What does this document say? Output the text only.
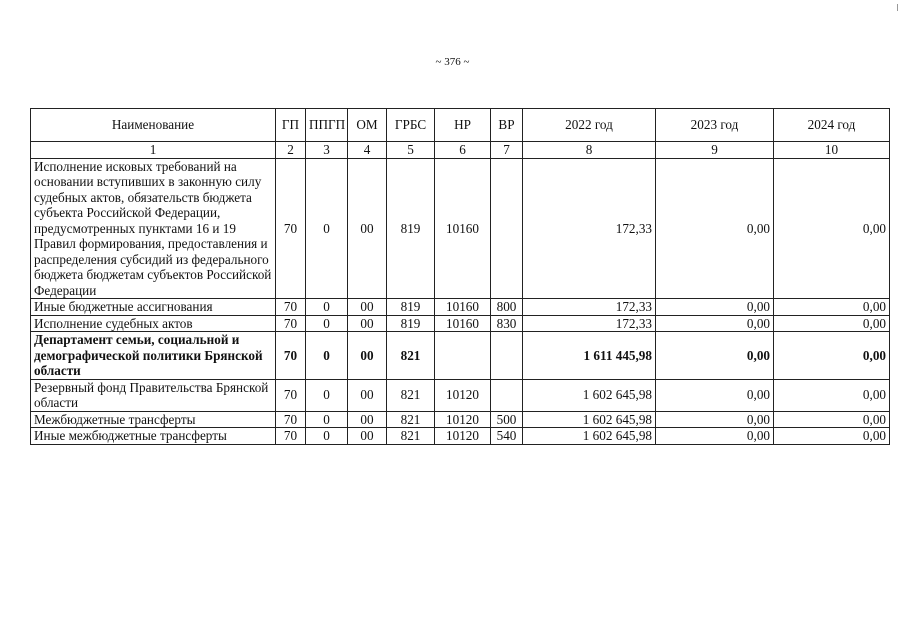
~ 376 ~
Наименование	ГП	ППГП	ОМ	ГРБС	НР	ВР	2022 год	2023 год	2024 год
1	2	3	4	5	6	7	8	9	10
Исполнение исковых требований на основании вступивших в законную силу судебных актов, обязательств бюджета субъекта Российской Федерации, предусмотренных пунктами 16 и 19 Правил формирования, предоставления и распределения субсидий из федерального бюджета бюджетам субъектов Российской Федерации	70	0	00	819	10160		172,33	0,00	0,00
Иные бюджетные ассигнования	70	0	00	819	10160	800	172,33	0,00	0,00
Исполнение судебных актов	70	0	00	819	10160	830	172,33	0,00	0,00
Департамент семьи, социальной и демографической политики Брянской области	70	0	00	821			1 611 445,98	0,00	0,00
Резервный фонд Правительства Брянской области	70	0	00	821	10120		1 602 645,98	0,00	0,00
Межбюджетные трансферты	70	0	00	821	10120	500	1 602 645,98	0,00	0,00
Иные межбюджетные трансферты	70	0	00	821	10120	540	1 602 645,98	0,00	0,00
